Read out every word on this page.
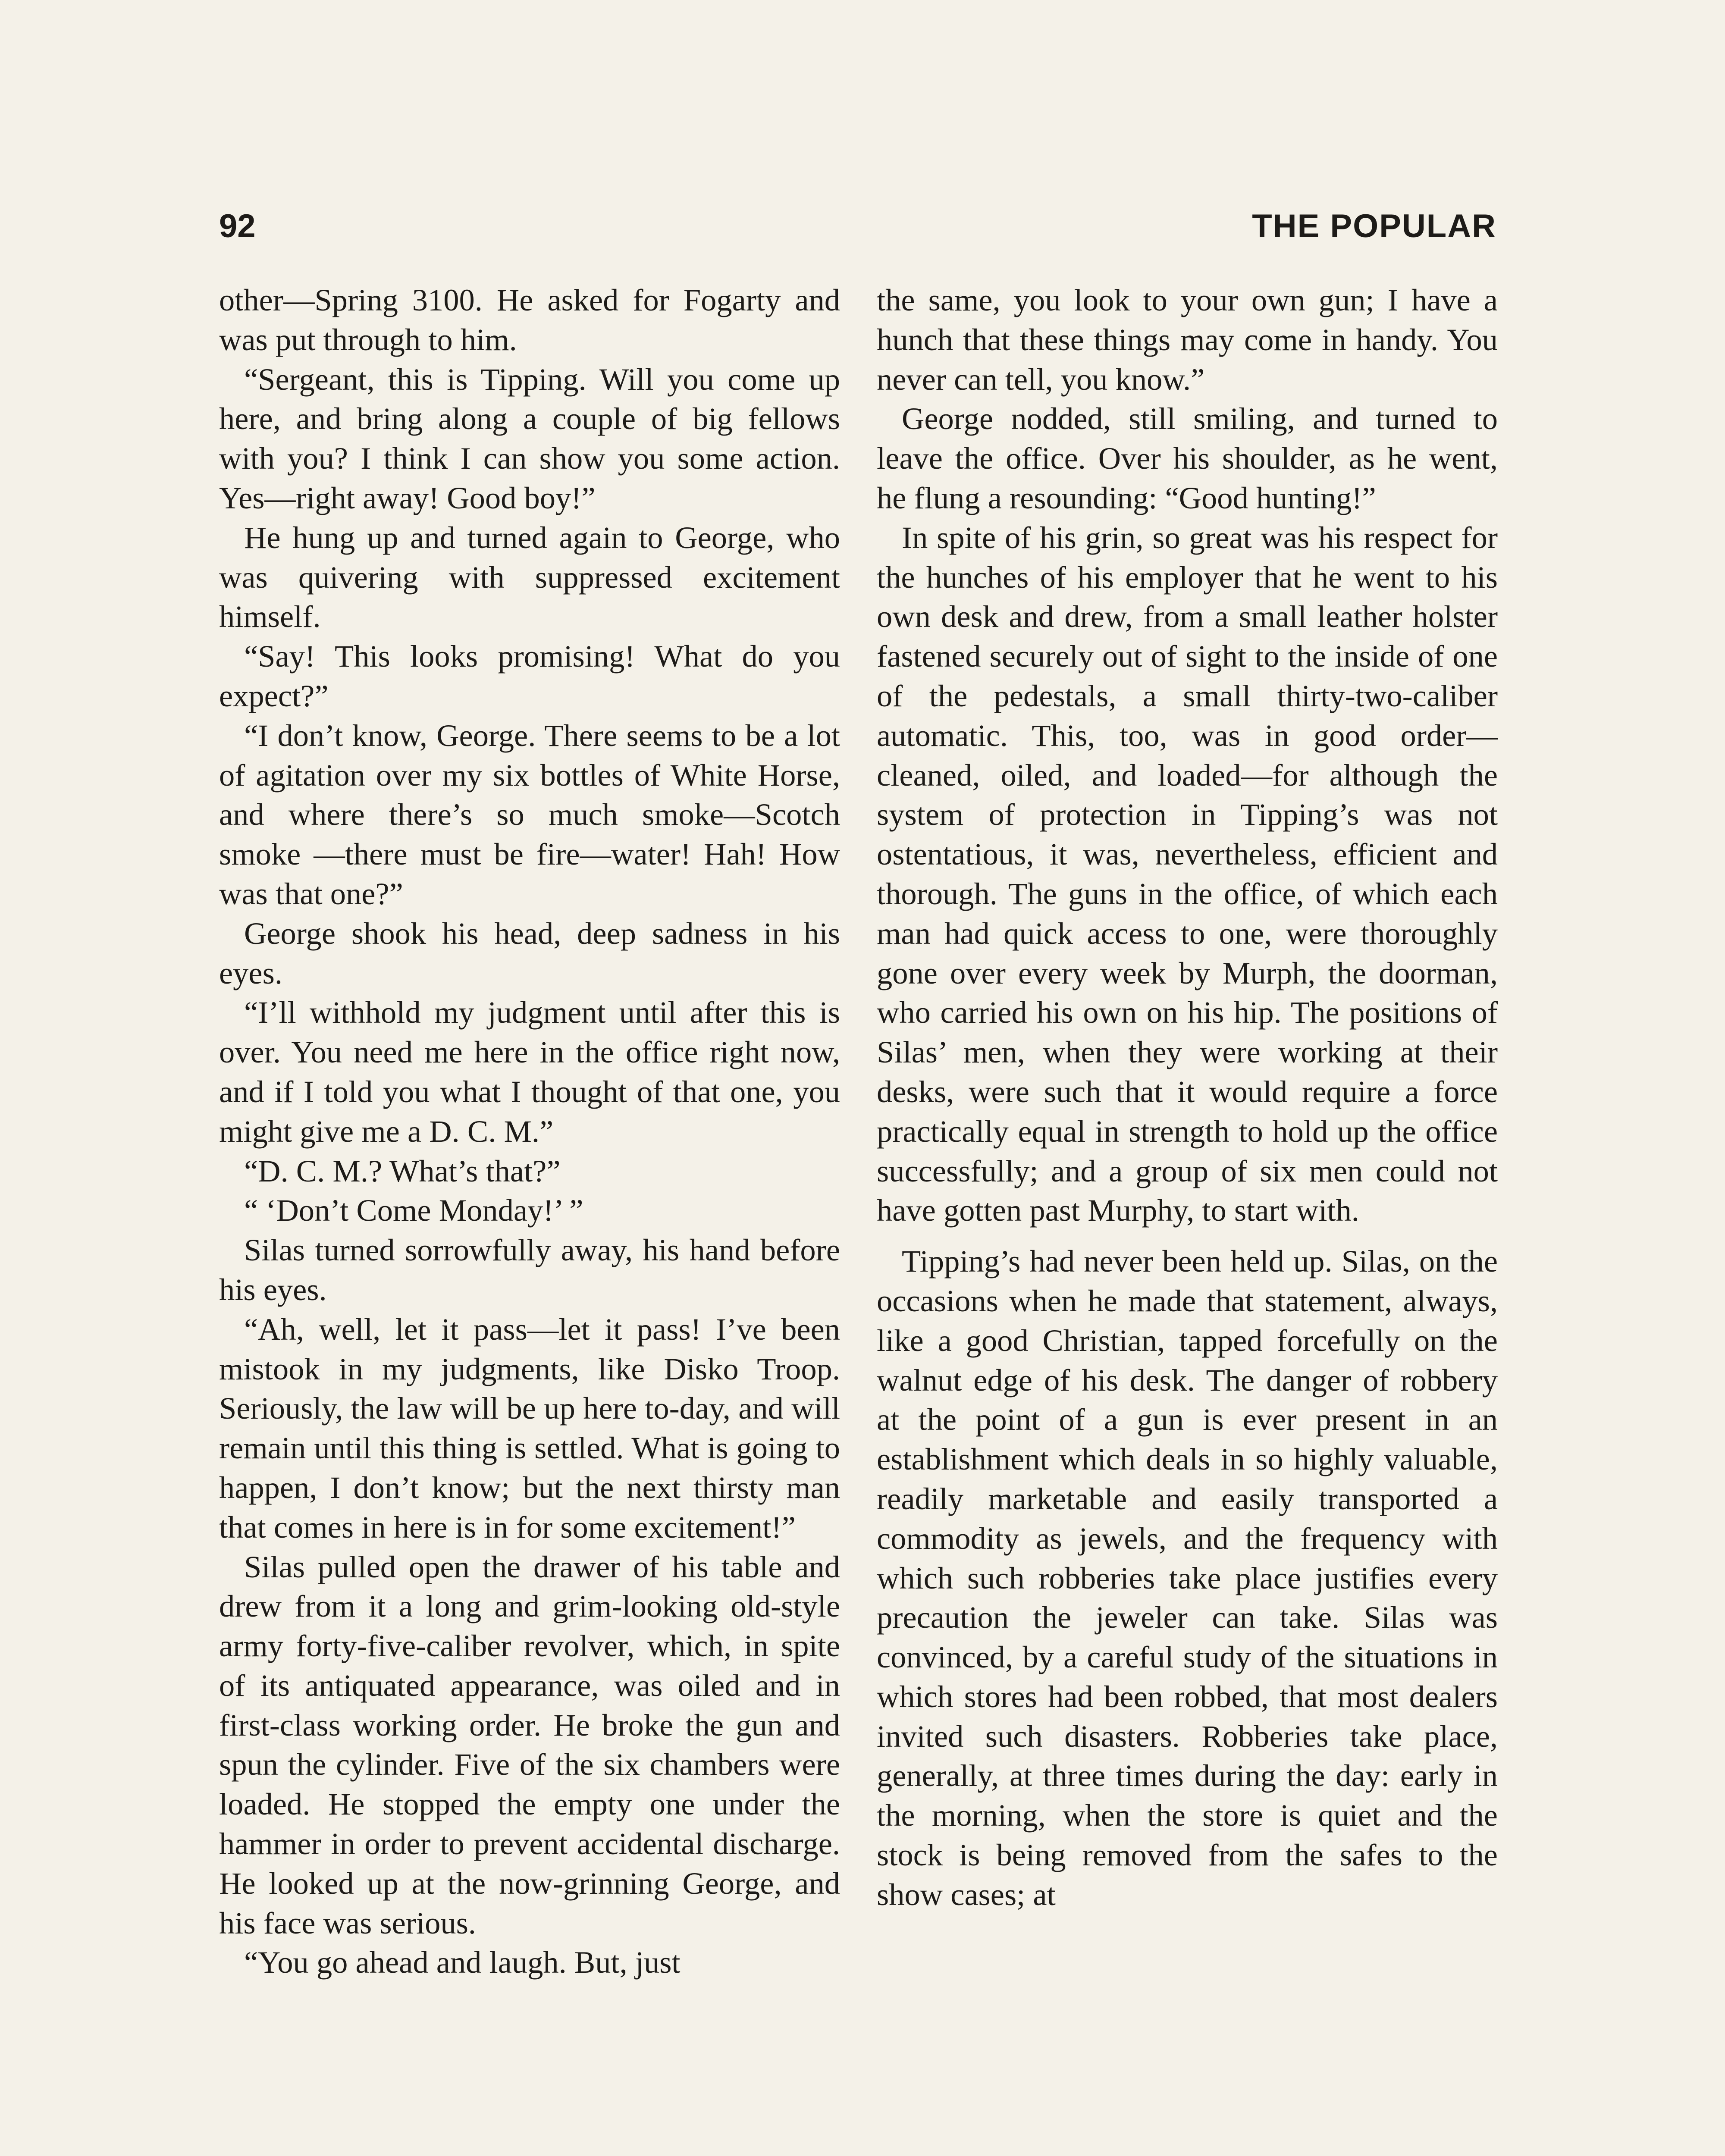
92	THE POPULAR

other—Spring 3100. He asked for Fogarty and was put through to him.

“Sergeant, this is Tipping. Will you come up here, and bring along a couple of big fellows with you? I think I can show you some action. Yes—right away! Good boy!”

He hung up and turned again to George, who was quivering with suppressed excitement himself.

“Say! This looks promising! What do you expect?”

“I don’t know, George. There seems to be a lot of agitation over my six bottles of White Horse, and where there’s so much smoke—Scotch smoke —there must be fire—water! Hah! How was that one?”

George shook his head, deep sadness in his eyes.

“I’ll withhold my judgment until after this is over. You need me here in the office right now, and if I told you what I thought of that one, you might give me a D. C. M.”

“D. C. M.? What’s that?”

“ ‘Don’t Come Monday!’ ”

Silas turned sorrowfully away, his hand before his eyes.

“Ah, well, let it pass—let it pass! I’ve been mistook in my judgments, like Disko Troop. Seriously, the law will be up here to-day, and will remain until this thing is settled. What is going to happen, I don’t know; but the next thirsty man that comes in here is in for some excitement!”

Silas pulled open the drawer of his table and drew from it a long and grim-looking old-style army forty-five-caliber revolver, which, in spite of its antiquated appearance, was oiled and in first-class working order. He broke the gun and spun the cylinder. Five of the six chambers were loaded. He stopped the empty one under the hammer in order to prevent accidental discharge. He looked up at the now-grinning George, and his face was serious.

“You go ahead and laugh. But, just

the same, you look to your own gun; I have a hunch that these things may come in handy. You never can tell, you know.”

George nodded, still smiling, and turned to leave the office. Over his shoulder, as he went, he flung a resounding: “Good hunting!”

In spite of his grin, so great was his respect for the hunches of his employer that he went to his own desk and drew, from a small leather holster fastened securely out of sight to the inside of one of the pedestals, a small thirty-two-caliber automatic. This, too, was in good order—cleaned, oiled, and loaded—for although the system of protection in Tipping’s was not ostentatious, it was, nevertheless, efficient and thorough. The guns in the office, of which each man had quick access to one, were thoroughly gone over every week by Murph, the doorman, who carried his own on his hip. The positions of Silas’ men, when they were working at their desks, were such that it would require a force practically equal in strength to hold up the office successfully; and a group of six men could not have gotten past Murphy, to start with.

Tipping’s had never been held up. Silas, on the occasions when he made that statement, always, like a good Christian, tapped forcefully on the walnut edge of his desk. The danger of robbery at the point of a gun is ever present in an establishment which deals in so highly valuable, readily marketable and easily transported a commodity as jewels, and the frequency with which such robberies take place justifies every precaution the jeweler can take. Silas was convinced, by a careful study of the situations in which stores had been robbed, that most dealers invited such disasters. Robberies take place, generally, at three times during the day: early in the morning, when the store is quiet and the stock is being removed from the safes to the show cases; at
